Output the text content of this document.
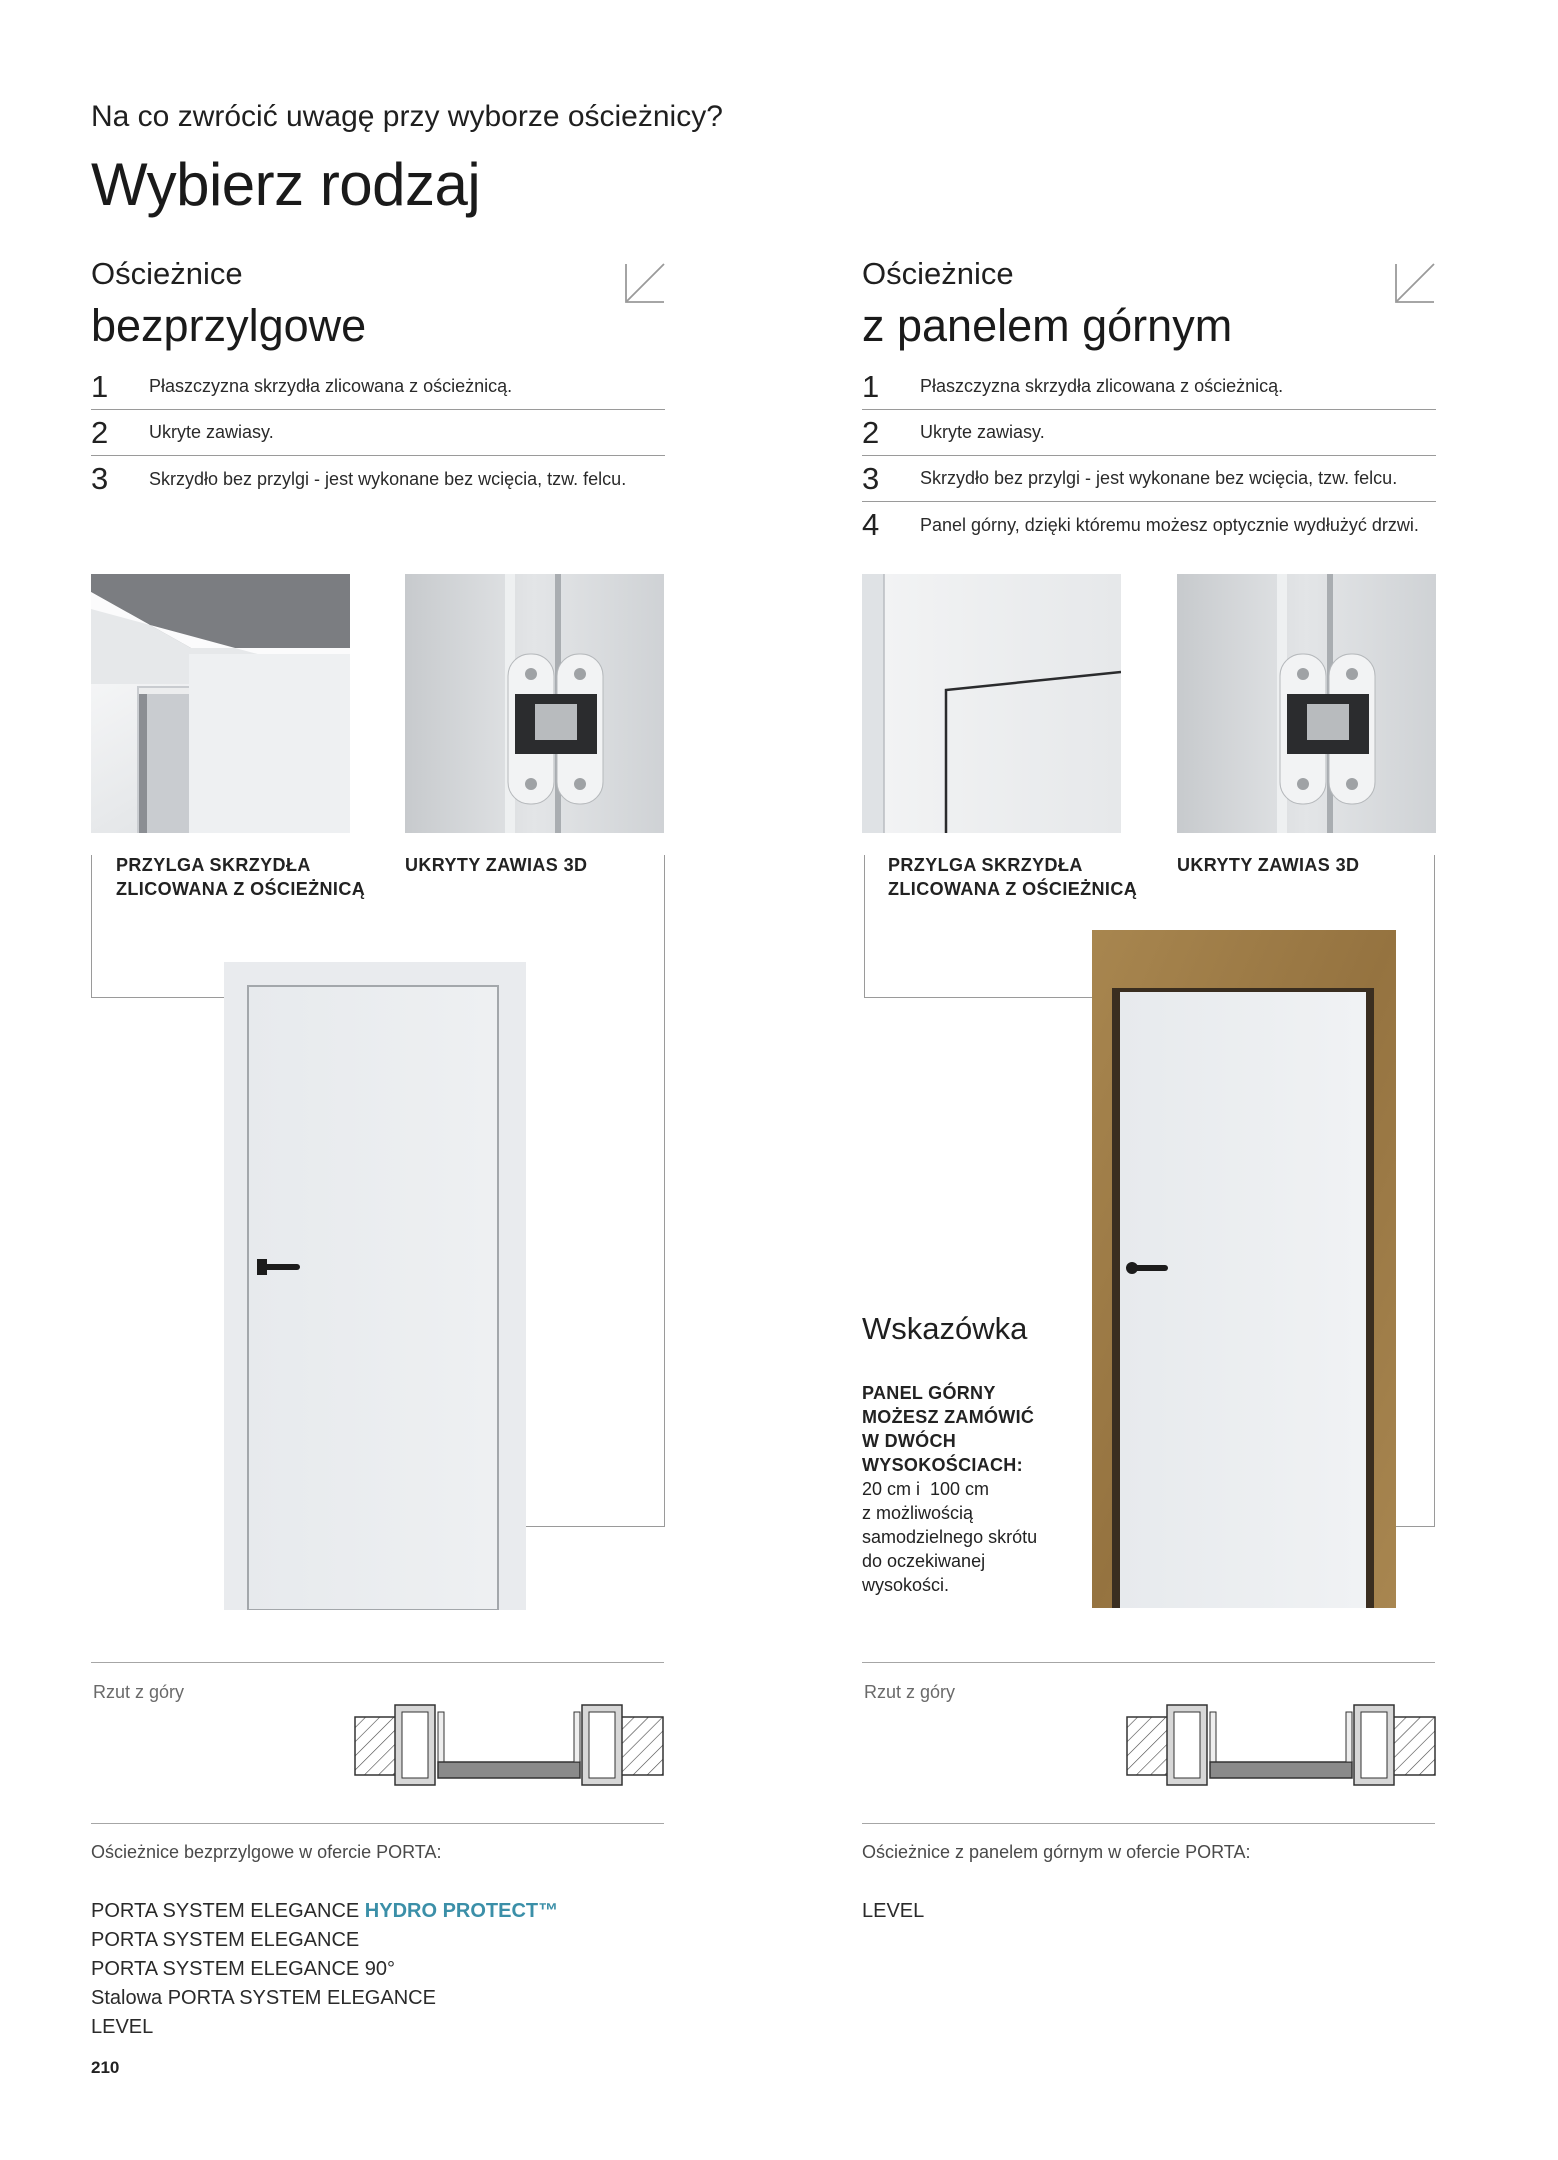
Na co zwrócić uwagę przy wyborze ościeżnicy?
Wybierz rodzaj
Ościeżnice
bezprzylgowe
1	Płaszczyzna skrzydła zlicowana z ościeżnicą.
2	Ukryte zawiasy.
3	Skrzydło bez przylgi - jest wykonane bez wcięcia, tzw. felcu.
PRZYLGA SKRZYDŁA
ZLICOWANA Z OŚCIEŻNICĄ
UKRYTY ZAWIAS 3D
Rzut z góry
Ościeżnice bezprzylgowe w ofercie PORTA:
PORTA SYSTEM ELEGANCE HYDRO PROTECT™
PORTA SYSTEM ELEGANCE
PORTA SYSTEM ELEGANCE 90°
Stalowa PORTA SYSTEM ELEGANCE
LEVEL
Ościeżnice
z panelem górnym
1	Płaszczyzna skrzydła zlicowana z ościeżnicą.
2	Ukryte zawiasy.
3	Skrzydło bez przylgi - jest wykonane bez wcięcia, tzw. felcu.
4	Panel górny, dzięki któremu możesz optycznie wydłużyć drzwi.
PRZYLGA SKRZYDŁA
ZLICOWANA Z OŚCIEŻNICĄ
UKRYTY ZAWIAS 3D
Wskazówka
PANEL GÓRNY
MOŻESZ ZAMÓWIĆ
W DWÓCH
WYSOKOŚCIACH:
20 cm i  100 cm
z możliwością
samodzielnego skrótu
do oczekiwanej
wysokości.
Rzut z góry
Ościeżnice z panelem górnym w ofercie PORTA:
LEVEL
210
